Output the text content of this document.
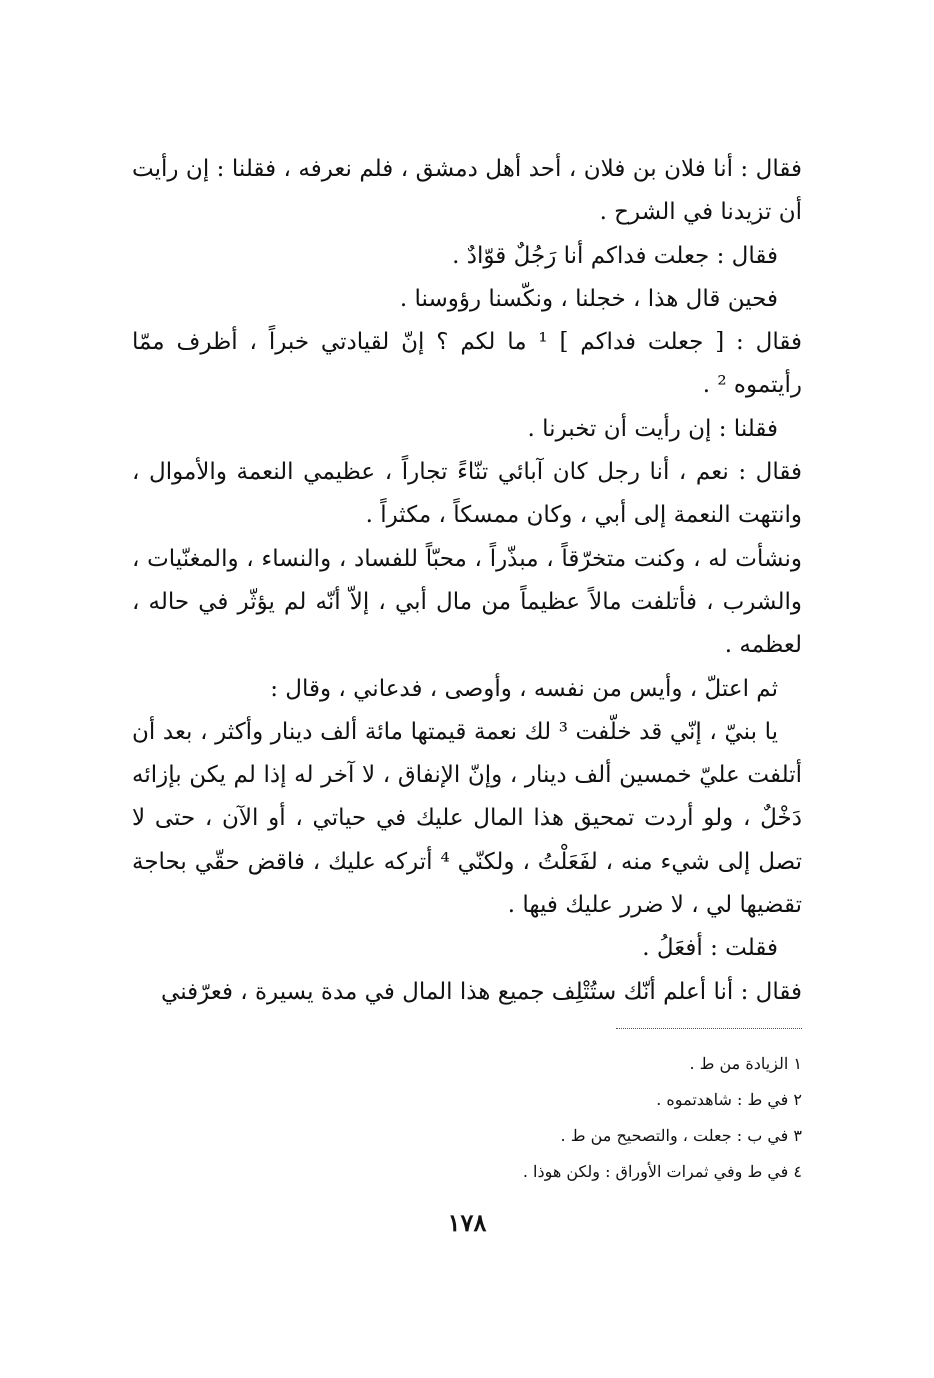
فقال : أنا فلان بن فلان ، أحد أهل دمشق ، فلم نعرفه ، فقلنا : إن رأيت أن تزيدنا في الشرح .

فقال : جعلت فداكم أنا رَجُلٌ قوّادٌ .

فحين قال هذا ، خجلنا ، ونكّسنا رؤوسنا .

فقال : [ جعلت فداكم ] ¹ ما لكم ؟ إنّ لقيادتي خبراً ، أظرف ممّا رأيتموه ² .

فقلنا : إن رأيت أن تخبرنا .

فقال : نعم ، أنا رجل كان آبائي تنّاءً تجاراً ، عظيمي النعمة والأموال ، وانتهت النعمة إلى أبي ، وكان ممسكاً ، مكثراً .

ونشأت له ، وكنت متخرّقاً ، مبذّراً ، محبّاً للفساد ، والنساء ، والمغنّيات ، والشرب ، فأتلفت مالاً عظيماً من مال أبي ، إلاّ أنّه لم يؤثّر في حاله ، لعظمه .

ثم اعتلّ ، وأيس من نفسه ، وأوصى ، فدعاني ، وقال :

يا بنيّ ، إنّي قد خلّفت ³ لك نعمة قيمتها مائة ألف دينار وأكثر ، بعد أن أتلفت عليّ خمسين ألف دينار ، وإنّ الإنفاق ، لا آخر له إذا لم يكن بإزائه دَخْلٌ ، ولو أردت تمحيق هذا المال عليك في حياتي ، أو الآن ، حتى لا تصل إلى شيء منه ، لفَعَلْتُ ، ولكنّي ⁴ أتركه عليك ، فاقض حقّي بحاجة تقضيها لي ، لا ضرر عليك فيها .

فقلت : أفعَلُ .

فقال : أنا أعلم أنّك ستُتْلِف جميع هذا المال في مدة يسيرة ، فعرّفني

١ الزيادة من ط .

٢ في ط : شاهدتموه .

٣ في ب : جعلت ، والتصحيح من ط .

٤ في ط وفي ثمرات الأوراق : ولكن هوذا .

١٧٨
